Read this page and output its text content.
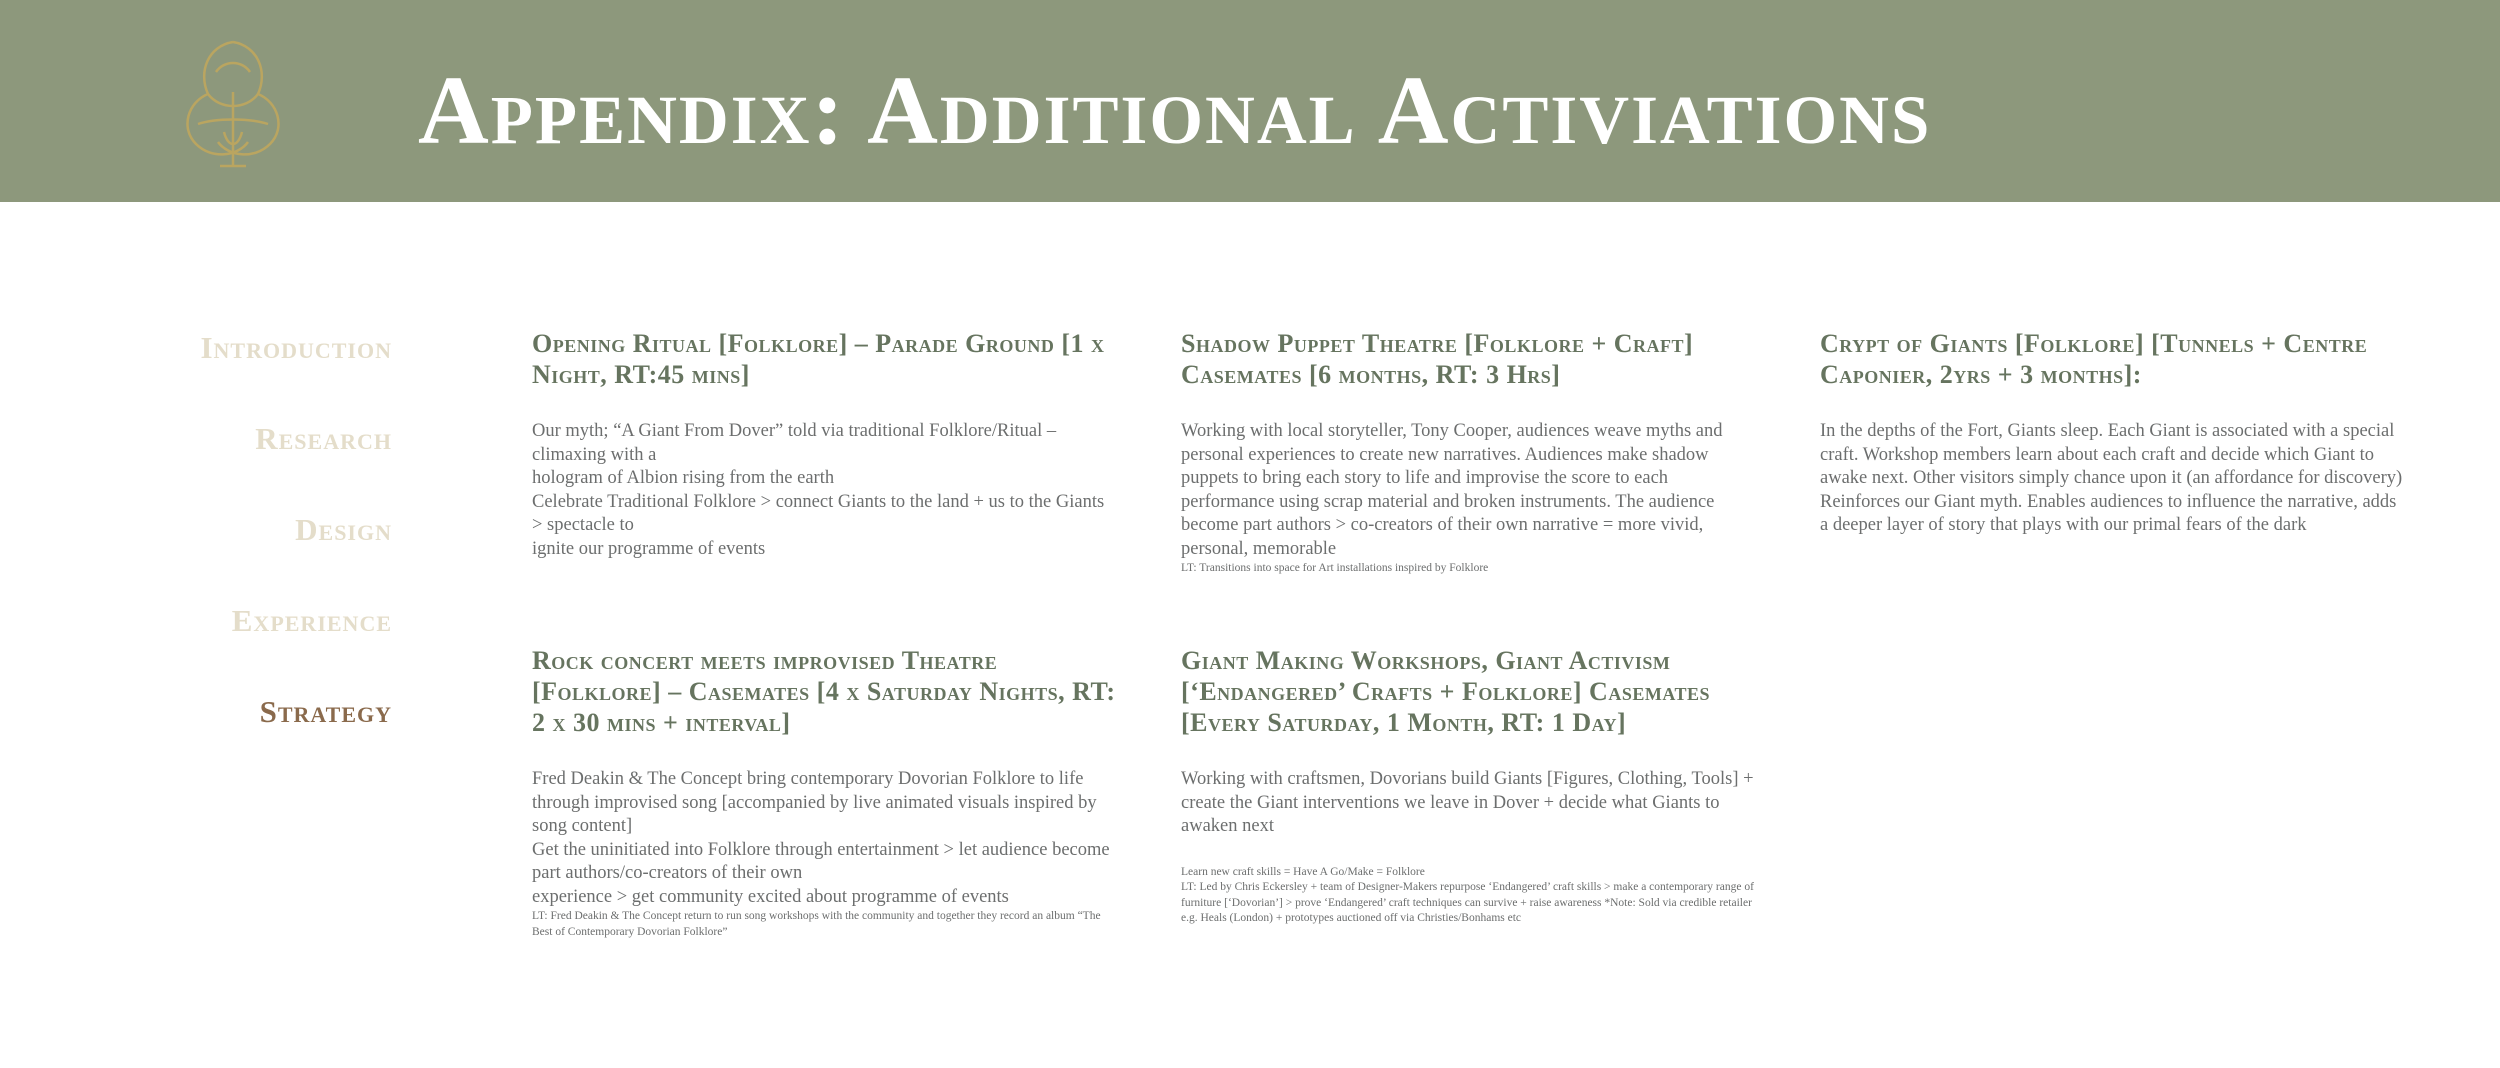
Appendix: Additional Activiations
Introduction
Research
Design
Experience
Strategy
Opening Ritual [Folklore] – Parade Ground [1 x Night, RT:45 mins]

Our myth; “A Giant From Dover” told via traditional Folklore/Ritual – climaxing with a

hologram of Albion rising from the earth

Celebrate Traditional Folklore > connect Giants to the land + us to the Giants > spectacle to

ignite our programme of events

Shadow Puppet Theatre [Folklore + Craft] Casemates [6 months, RT: 3 Hrs]

Working with local storyteller, Tony Cooper, audiences weave myths and personal experiences to create new narratives. Audiences make shadow puppets to bring each story to life and improvise the score to each performance using scrap material and broken instruments. The audience become part authors > co-creators of their own narrative = more vivid, personal, memorable

LT: Transitions into space for Art installations inspired by Folklore

Crypt of Giants [Folklore] [Tunnels + Centre Caponier, 2yrs + 3 months]:

In the depths of the Fort, Giants sleep. Each Giant is associated with a special craft. Workshop members learn about each craft and decide which Giant to awake next. Other visitors simply chance upon it (an affordance for discovery)

Reinforces our Giant myth. Enables audiences to influence the narrative, adds a deeper layer of story that plays with our primal fears of the dark

Rock concert meets improvised Theatre [Folklore] – Casemates [4 x Saturday Nights, RT: 2 x 30 mins + interval]

Fred Deakin & The Concept bring contemporary Dovorian Folklore to life through improvised song [accompanied by live animated visuals inspired by song content]

Get the uninitiated into Folklore through entertainment > let audience become part authors/co-creators of their own

experience > get community excited about programme of events

LT: Fred Deakin & The Concept return to run song workshops with the community and together they record an album “The Best of Contemporary Dovorian Folklore”

Giant Making Workshops, Giant Activism [‘Endangered’ Crafts + Folklore] Casemates [Every Saturday, 1 Month, RT: 1 Day]

Working with craftsmen, Dovorians build Giants [Figures, Clothing, Tools] + create the Giant interventions we leave in Dover + decide what Giants to awaken next

Learn new craft skills = Have A Go/Make = Folklore

LT: Led by Chris Eckersley + team of Designer-Makers repurpose ‘Endangered’ craft skills > make a contemporary range of furniture [‘Dovorian’] > prove ‘Endangered’ craft techniques can survive + raise awareness *Note: Sold via credible retailer e.g. Heals (London) + prototypes auctioned off via Christies/Bonhams etc
